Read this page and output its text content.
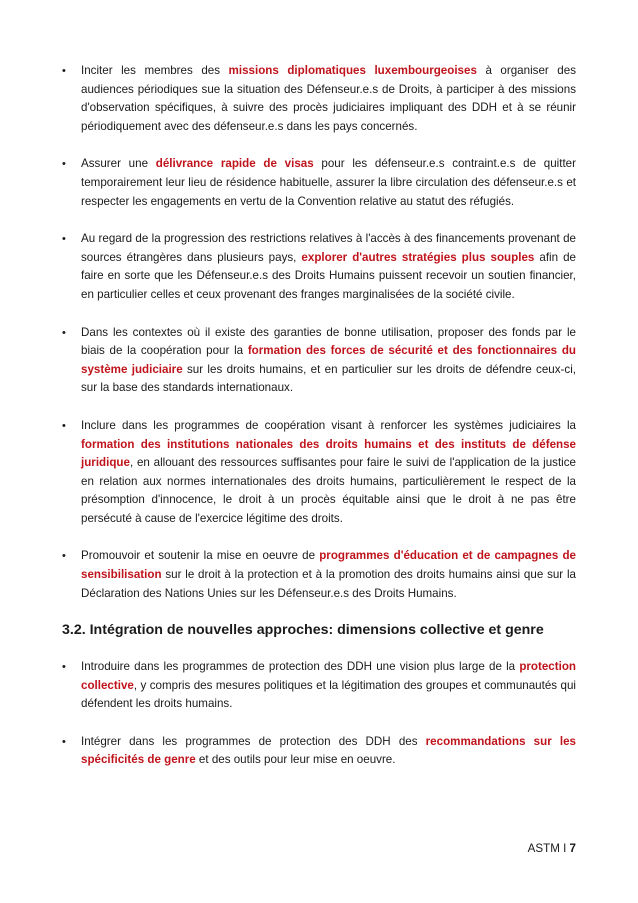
• Inciter les membres des missions diplomatiques luxembourgeoises à organiser des audiences périodiques sue la situation des Défenseur.e.s de Droits, à participer à des missions d'observation spécifiques, à suivre des procès judiciaires impliquant des DDH et à se réunir périodiquement avec des défenseur.e.s dans les pays concernés.
• Assurer une délivrance rapide de visas pour les défenseur.e.s contraint.e.s de quitter temporairement leur lieu de résidence habituelle, assurer la libre circulation des défenseur.e.s et respecter les engagements en vertu de la Convention relative au statut des réfugiés.
• Au regard de la progression des restrictions relatives à l'accès à des financements provenant de sources étrangères dans plusieurs pays, explorer d'autres stratégies plus souples afin de faire en sorte que les Défenseur.e.s des Droits Humains puissent recevoir un soutien financier, en particulier celles et ceux provenant des franges marginalisées de la société civile.
• Dans les contextes où il existe des garanties de bonne utilisation, proposer des fonds par le biais de la coopération pour la formation des forces de sécurité et des fonctionnaires du système judiciaire sur les droits humains, et en particulier sur les droits de défendre ceux-ci, sur la base des standards internationaux.
• Inclure dans les programmes de coopération visant à renforcer les systèmes judiciaires la formation des institutions nationales des droits humains et des instituts de défense juridique, en allouant des ressources suffisantes pour faire le suivi de l'application de la justice en relation aux normes internationales des droits humains, particulièrement le respect de la présomption d'innocence, le droit à un procès équitable ainsi que le droit à ne pas être persécuté à cause de l'exercice légitime des droits.
• Promouvoir et soutenir la mise en oeuvre de programmes d'éducation et de campagnes de sensibilisation sur le droit à la protection et à la promotion des droits humains ainsi que sur la Déclaration des Nations Unies sur les Défenseur.e.s des Droits Humains.
3.2. Intégration de nouvelles approches: dimensions collective et genre
• Introduire dans les programmes de protection des DDH une vision plus large de la protection collective, y compris des mesures politiques et la légitimation des groupes et communautés qui défendent les droits humains.
• Intégrer dans les programmes de protection des DDH des recommandations sur les spécificités de genre et des outils pour leur mise en oeuvre.
ASTM I 7
